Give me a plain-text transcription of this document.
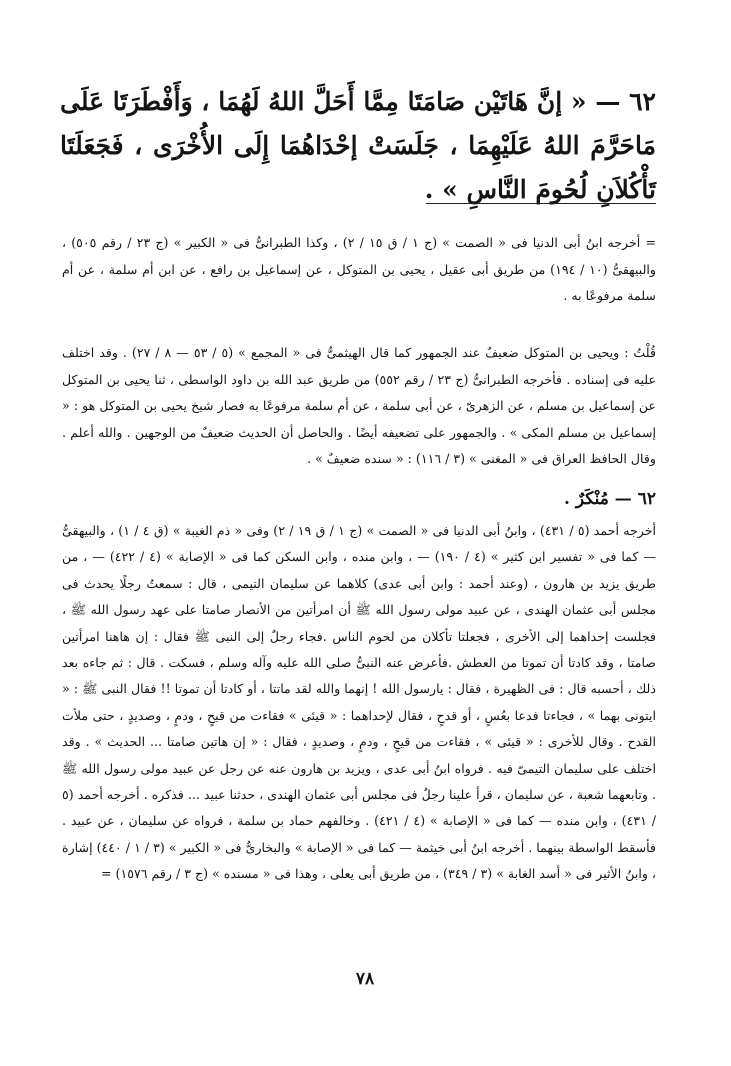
٦٢ — « إنَّ هَاتَيْن صَامَتَا مِمَّا أَحَلَّ اللهُ لَهُمَا ، وَأَفْطَرَتَا عَلَى مَاحَرَّمَ اللهُ عَلَيْهِمَا ، جَلَسَتْ إحْدَاهُمَا إِلَى الأُخْرَى ، فَجَعَلَتَا تَأْكُلاَنِ لُحُومَ النَّاسِ » .
= أخرجه ابنُ أبى الدنيا فى « الصمت » (ج ١ / ق ١٥ / ٢) ، وكذا الطبرانىُّ فى « الكبير » (ج ٢٣ / رقم ٥٠٥) ، والبيهقىُّ (١٠ / ١٩٤) من طريق أبى عقيل ، يحيى بن المتوكل ، عن إسماعيل بن رافع ، عن ابن أم سلمة ، عن أم سلمة مرفوعًا به .
قُلْتُ : ويحيى بن المتوكل ضعيفٌ عند الجمهور كما قال الهيثمىُّ فى « المجمع » (٥ / ٥٣ — ٨ / ٢٧) . وقد اختلف عليه فى إسناده . فأخرجه الطبرانىُّ (ج ٢٣ / رقم ٥٥٢) من طريق عبد الله بن داود الواسطى ، ثنا يحيى بن المتوكل عن إسماعيل بن مسلم ، عن الزهرىّ ، عن أبى سلمة ، عن أم سلمة مرفوعًا به فصار شيخ يحيى بن المتوكل هو : « إسماعيل بن مسلم المكى » . والجمهور على تضعيفه أيضًا . والحاصل أن الحديث ضعيفٌ من الوجهين . والله أعلم . وقال الحافظ العراق فى « المغنى » (٣ / ١١٦) : « سنده ضعيفٌ » .
٦٢ — مُنْكَرٌ .
أخرجه أحمد (٥ / ٤٣١) ، وابنُ أبى الدنيا فى « الصمت » (ج ١ / ق ١٩ / ٢) وفى « ذم الغيبة » (ق ٤ / ١) ، والبيهقىُّ — كما فى « تفسير ابن كثير » (٤ / ١٩٠) — ، وابن منده ، وابن السكن كما فى « الإصابة » (٤ / ٤٢٢) — ، من طريق يزيد بن هارون ، (وعند أحمد : وابن أبى عدى) كلاهما عن سليمان التيمى ، قال : سمعتُ رجلًا يحدث فى مجلس أبى عثمان الهندى ، عن عبيد مولى رسول الله ﷺ أن امرأتين من الأنصار صامتا على عهد رسول الله ﷺ ، فجلست إحداهما إلى الأخرى ، فجعلتا تأكلان من لحوم الناس .فجاء رجلٌ إلى النبى ﷺ فقال : إن هاهنا امرأتين صامتا ، وقد كادتا أن تموتا من العطش .فأعرض عنه النبىُّ صلى الله عليه وآله وسلم ، فسكت . قال : ثم جاءه بعد ذلك ، أحسبه قال : فى الظهيرة ، فقال : يارسول الله ! إنهما والله لقد ماتتا ، أو كادتا أن تموتا !! فقال النبى ﷺ : « ايتونى بهما » ، فجاءتا فدعا بعُسٍ ، أو قدحٍ ، فقال لإحداهما : « قيئى » فقاءت من قيحٍ ، ودمٍ ، وصديدٍ ، حتى ملأت القدح . وقال للأخرى : « قيئى » ، فقاءت من قيحٍ ، ودمٍ ، وصديدٍ ، فقال : « إن هاتين صامتا ... الحديث » . وقد اختلف على سليمان التيمىّ فيه . فرواه ابنُ أبى عدى ، ويزيد بن هارون عنه عن رجل عن عبيد مولى رسول الله ﷺ . وتابعهما شعبة ، عن سليمان ، قرأ علينا رجلٌ فى مجلس أبى عثمان الهندى ، حدثنا عبيد ... فذكره . أخرجه أحمد (٥ / ٤٣١) ، وابن منده — كما فى « الإصابة » (٤ / ٤٢١) . وخالفهم حماد بن سلمة ، فرواه عن سليمان ، عن عبيد . فأسقط الواسطة بينهما . أخرجه ابنُ أبى خيثمة — كما فى « الإصابة » والبخارىُّ فى « الكبير » (٣ / ١ / ٤٤٠) إشارة ، وابنُ الأثير فى « أسد الغابة » (٣ / ٣٤٩) ، من طريق أبى يعلى ، وهذا فى « مسنده » (ج ٣ / رقم ١٥٧٦) =
٧٨
